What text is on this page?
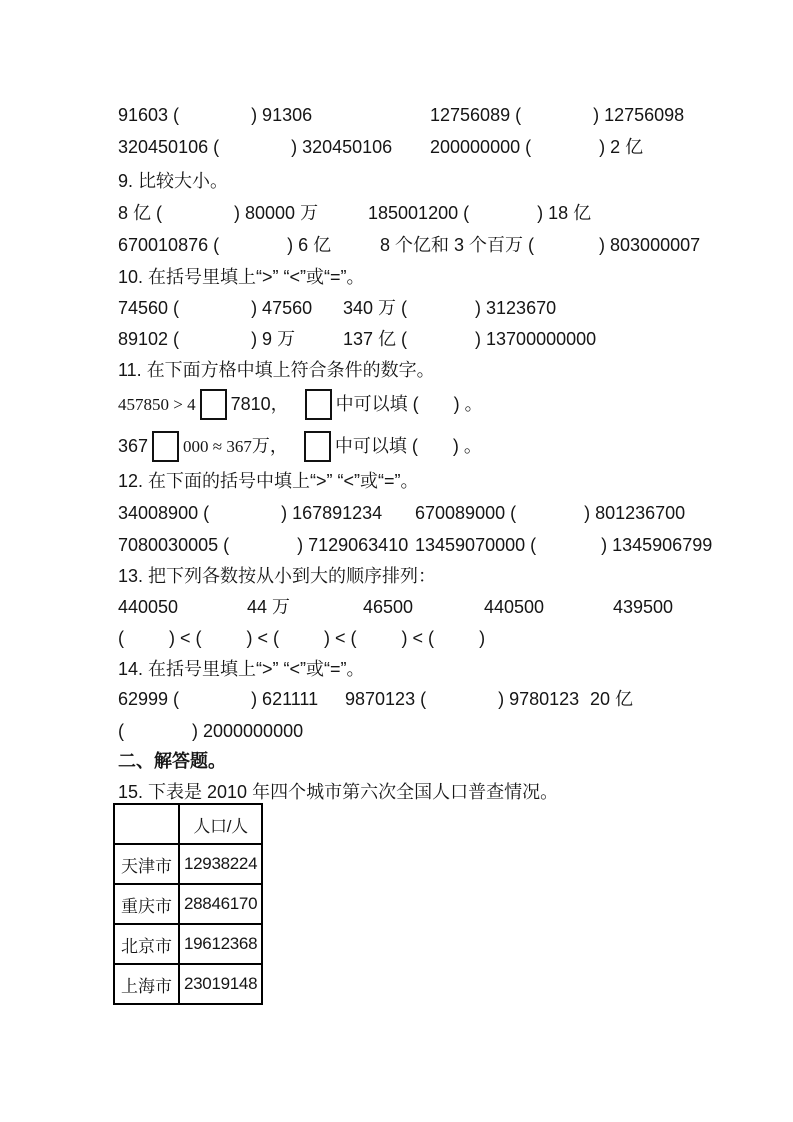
91603 (	) 91306	12756089 (	) 12756098
320450106 (	) 320450106 200000000 (	) 2 亿
9. 比较大小。
8 亿 (	) 80000 万	185001200 (	) 18 亿
670010876 (	) 6 亿	8 个亿和 3 个百万 (	) 803000007
10. 在括号里填上“>” “<”或“=”。
74560 (	) 47560 340 万 (	) 3123670
89102 (	) 9 万	137 亿 (	) 13700000000
11. 在下面方格中填上符合条件的数字。
457850 > 4 7810，	中可以填 ( ) 。
367 000 ≈ 367 万，	中可以填 ( ) 。
12. 在下面的括号中填上“>” “<”或“=”。
34008900 (	) 167891234 670089000 (	) 801236700
7080030005 (	) 7129063410 13459070000 (	) 1345906799
13. 把下列各数按从小到大的顺序排列：
440050	44 万	46500	440500	439500
(	) < (	) < (	) < (	) < (	)
14. 在括号里填上“>” “<”或“=”。
62999 (	) 621111 9870123 (	) 9780123 20 亿
(	) 2000000000
二、解答题。
15. 下表是 2010 年四个城市第六次全国人口普查情况。
	人口/人
天津市	12938224
重庆市	28846170
北京市	19612368
上海市	23019148
